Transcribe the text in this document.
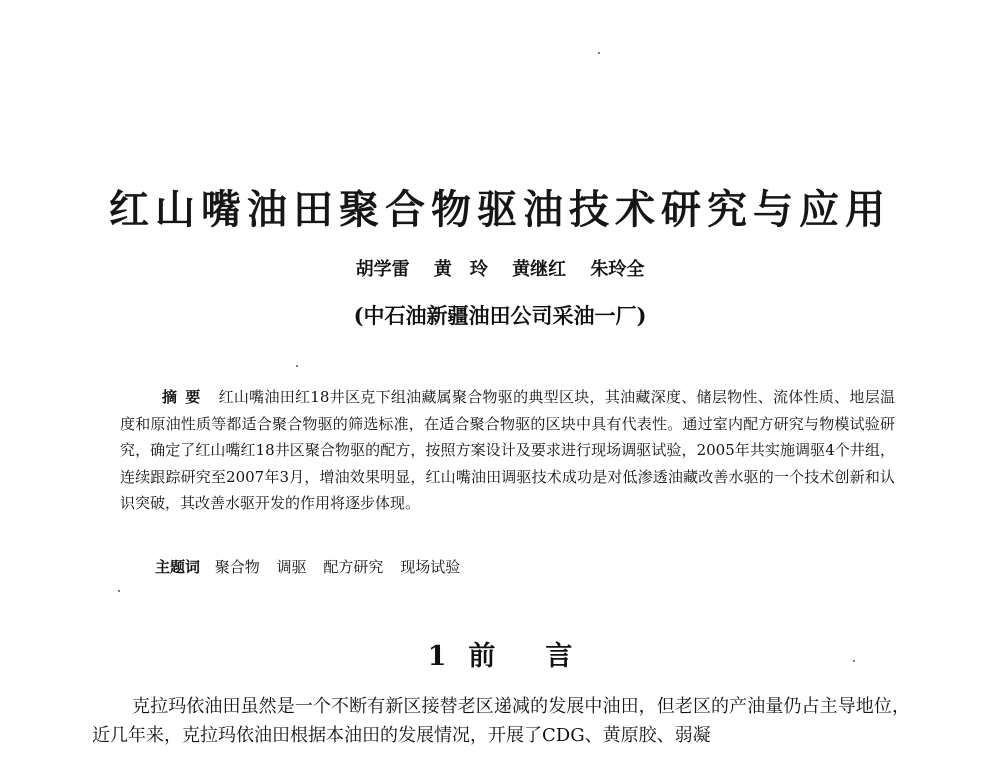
红山嘴油田聚合物驱油技术研究与应用
胡学雷 黄　玲 黄继红 朱玲全
(中石油新疆油田公司采油一厂)
摘要 红山嘴油田红18井区克下组油藏属聚合物驱的典型区块，其油藏深度、储层物性、流体性质、地层温度和原油性质等都适合聚合物驱的筛选标准，在适合聚合物驱的区块中具有代表性。通过室内配方研究与物模试验研究，确定了红山嘴红18井区聚合物驱的配方，按照方案设计及要求进行现场调驱试验，2005年共实施调驱4个井组，连续跟踪研究至2007年3月，增油效果明显，红山嘴油田调驱技术成功是对低渗透油藏改善水驱的一个技术创新和认识突破，其改善水驱开发的作用将逐步体现。
主题词 聚合物 调驱 配方研究 现场试验
1 前 言
克拉玛依油田虽然是一个不断有新区接替老区递减的发展中油田，但老区的产油量仍占主导地位，近几年来，克拉玛依油田根据本油田的发展情况，开展了CDG、黄原胶、弱凝
